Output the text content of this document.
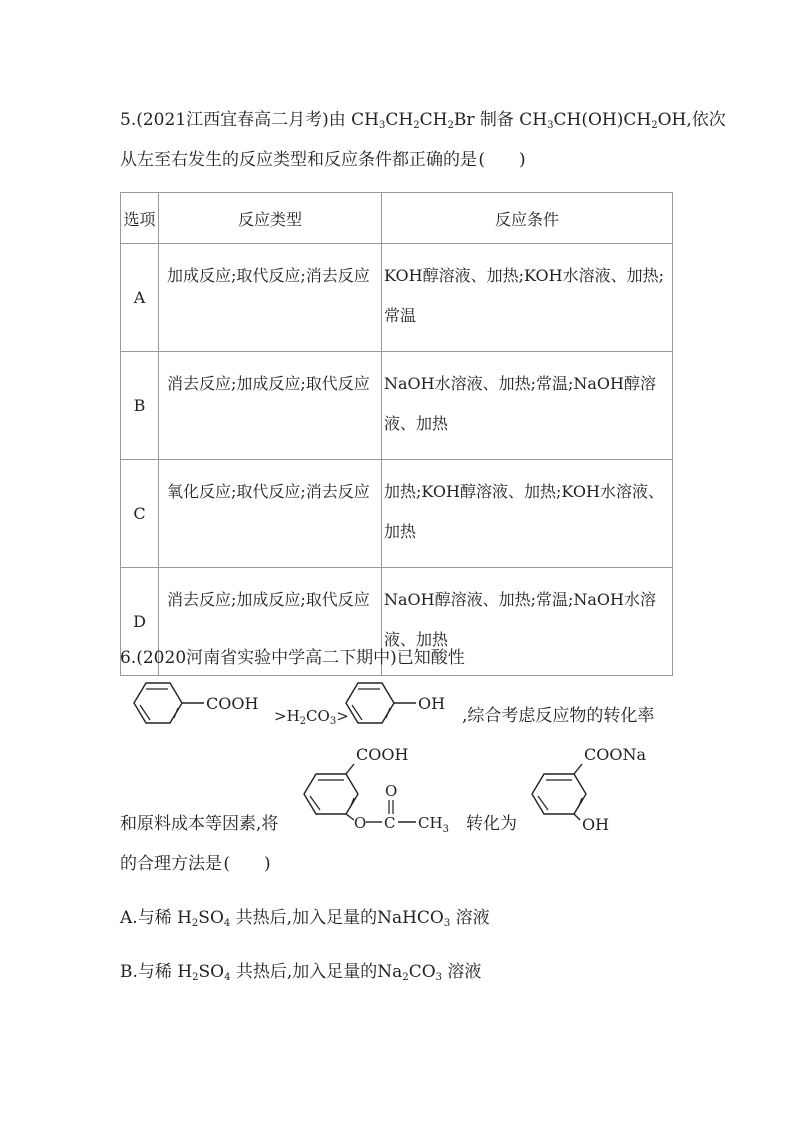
5.(2021江西宜春高二月考)由 $CH_3CH_2CH_2Br$ 制备 $CH_3CH(OH)CH_2OH$,依次
从左至右发生的反应类型和反应条件都正确的是(　　)
选项	反应类型	反应条件
A	加成反应;取代反应;消去反应	KOH醇溶液、加热;KOH水溶液、加热;常温
B	消去反应;加成反应;取代反应	NaOH水溶液、加热;常温;NaOH醇溶液、加热
C	氧化反应;取代反应;消去反应	加热;KOH醇溶液、加热;KOH水溶液、加热
D	消去反应;加成反应;取代反应	NaOH醇溶液、加热;常温;NaOH水溶液、加热
6.(2020河南省实验中学高二下期中)已知酸性
COOH
$>H_2CO_3>$
OH
,综合考虑反应物的转化率
COOH
O C
O
$CH_3$
和原料成本等因素,将	转化为
COONa
OH
的合理方法是(　　)
A.与稀 $H_2SO_4$ 共热后,加入足量的NaHCO$_3$ 溶液
B.与稀 $H_2SO_4$ 共热后,加入足量的$Na_2CO_3$ 溶液
